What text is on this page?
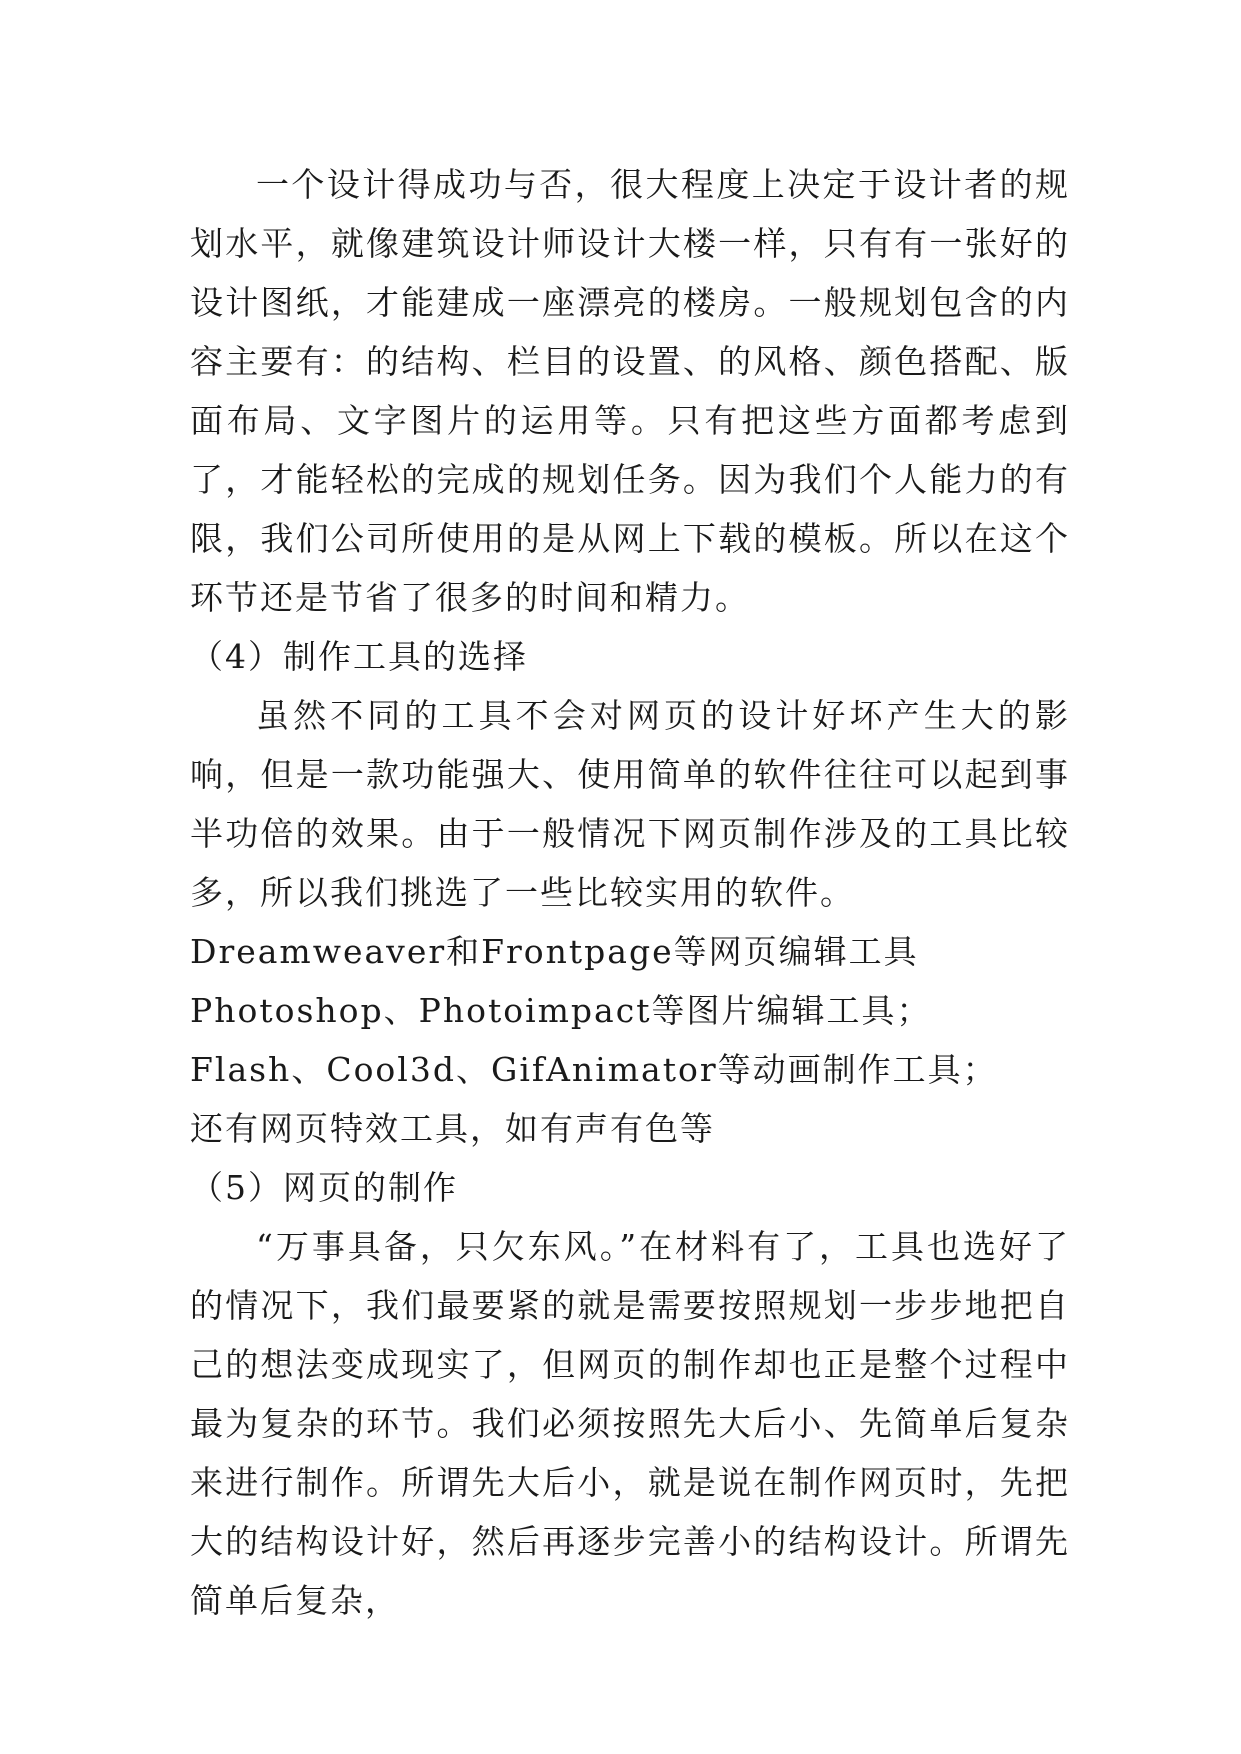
一个设计得成功与否，很大程度上决定于设计者的规划水平，就像建筑设计师设计大楼一样，只有有一张好的设计图纸，才能建成一座漂亮的楼房。一般规划包含的内容主要有：的结构、栏目的设置、的风格、颜色搭配、版面布局、文字图片的运用等。只有把这些方面都考虑到了，才能轻松的完成的规划任务。因为我们个人能力的有限，我们公司所使用的是从网上下载的模板。所以在这个环节还是节省了很多的时间和精力。

（4）制作工具的选择

虽然不同的工具不会对网页的设计好坏产生大的影响，但是一款功能强大、使用简单的软件往往可以起到事半功倍的效果。由于一般情况下网页制作涉及的工具比较多，所以我们挑选了一些比较实用的软件。

Dreamweaver和Frontpage等网页编辑工具

Photoshop、Photoimpact等图片编辑工具；

Flash、Cool3d、GifAnimator等动画制作工具；

还有网页特效工具，如有声有色等

（5）网页的制作

“万事具备，只欠东风。”在材料有了，工具也选好了的情况下，我们最要紧的就是需要按照规划一步步地把自己的想法变成现实了，但网页的制作却也正是整个过程中最为复杂的环节。我们必须按照先大后小、先简单后复杂来进行制作。所谓先大后小，就是说在制作网页时，先把大的结构设计好，然后再逐步完善小的结构设计。所谓先简单后复杂，
